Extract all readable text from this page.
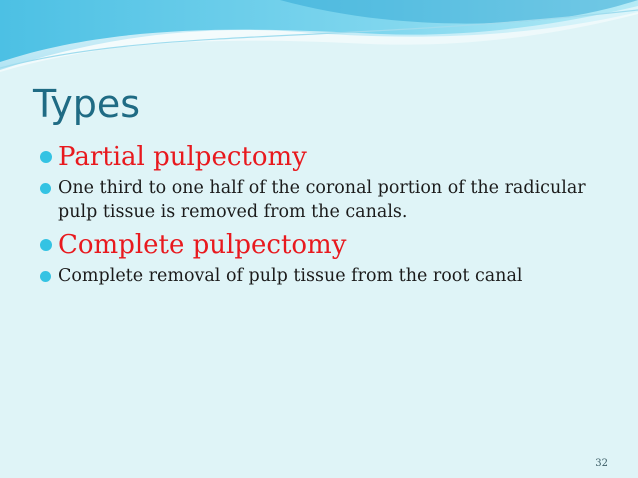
Types
Partial pulpectomy
One third to one half of the coronal portion of the radicular pulp tissue is removed from the canals.
Complete pulpectomy
Complete removal of pulp tissue from the root canal
32
